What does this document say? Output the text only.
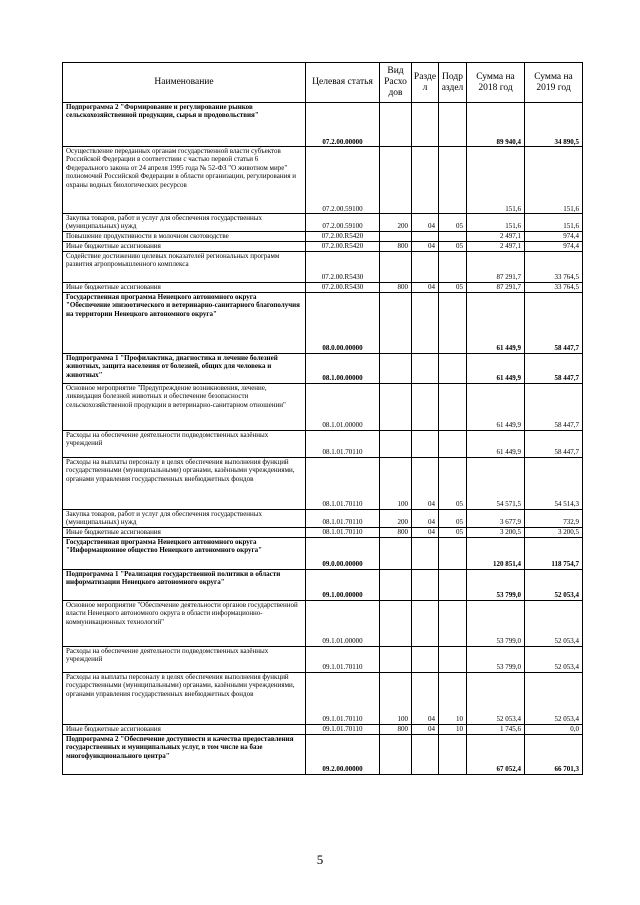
Наименование	Целевая статья	Вид Расхо дов	Разде л	Подр аздел	Сумма на 2018 год	Сумма на 2019 год
Подпрограмма 2 "Формирование и регулирование рынков сельскохозяйственной продукции, сырья и продовольствия"	07.2.00.00000				89 940,4	34 890,5
Осуществление переданных органам государственной власти субъектов Российской Федерации в соответствии с частью первой статьи 6 Федерального закона от 24 апреля 1995 года № 52-ФЗ "О животном мире" полномочий Российской Федерации в области организации, регулирования и охраны водных биологических ресурсов	07.2.00.59100				151,6	151,6
Закупка товаров, работ и услуг для обеспечения государственных (муниципальных) нужд	07.2.00.59100	200	04	05	151,6	151,6
Повышение продуктивности в молочном скотоводстве	07.2.00.R5420				2 497,1	974,4
Иные бюджетные ассигнования	07.2.00.R5420	800	04	05	2 497,1	974,4
Содействие достижению целевых показателей региональных программ развития агропромышленного комплекса	07.2.00.R5430				87 291,7	33 764,5
Иные бюджетные ассигнования	07.2.00.R5430	800	04	05	87 291,7	33 764,5
Государственная программа Ненецкого автономного округа "Обеспечение эпизоотического и ветеринарно-санитарного благополучия на территории Ненецкого автономного округа"	08.0.00.00000				61 449,9	58 447,7
Подпрограмма 1 "Профилактика, диагностика и лечение болезней животных, защита населения от болезней, общих для человека и животных"	08.1.00.00000				61 449,9	58 447,7
Основное мероприятие "Предупреждение возникновения, лечение, ликвидация болезней животных и обеспечение безопасности сельскохозяйственной продукции в ветеринарно-санитарном отношении"	08.1.01.00000				61 449,9	58 447,7
Расходы на обеспечение деятельности подведомственных казённых учреждений	08.1.01.70110				61 449,9	58 447,7
Расходы на выплаты персоналу в целях обеспечения выполнения функций государственными (муниципальными) органами, казёнными учреждениями, органами управления государственных внебюджетных фондов	08.1.01.70110	100	04	05	54 571,5	54 514,3
Закупка товаров, работ и услуг для обеспечения государственных (муниципальных) нужд	08.1.01.70110	200	04	05	3 677,9	732,9
Иные бюджетные ассигнования	08.1.01.70110	800	04	05	3 200,5	3 200,5
Государственная программа Ненецкого автономного округа "Информационное общество Ненецкого автономного округа"	09.0.00.00000				120 851,4	118 754,7
Подпрограмма 1 "Реализация государственной политики в области информатизации Ненецкого автономного округа"	09.1.00.00000				53 799,0	52 053,4
Основное мероприятие "Обеспечение деятельности органов государственной власти Ненецкого автономного округа в области информационно-коммуникационных технологий"	09.1.01.00000				53 799,0	52 053,4
Расходы на обеспечение деятельности подведомственных казённых учреждений	09.1.01.70110				53 799,0	52 053,4
Расходы на выплаты персоналу в целях обеспечения выполнения функций государственными (муниципальными) органами, казёнными учреждениями, органами управления государственных внебюджетных фондов	09.1.01.70110	100	04	10	52 053,4	52 053,4
Иные бюджетные ассигнования	09.1.01.70110	800	04	10	1 745,6	0,0
Подпрограмма 2 "Обеспечение доступности и качества предоставления государственных и муниципальных услуг, в том числе на базе многофункционального центра"	09.2.00.00000				67 052,4	66 701,3
5
